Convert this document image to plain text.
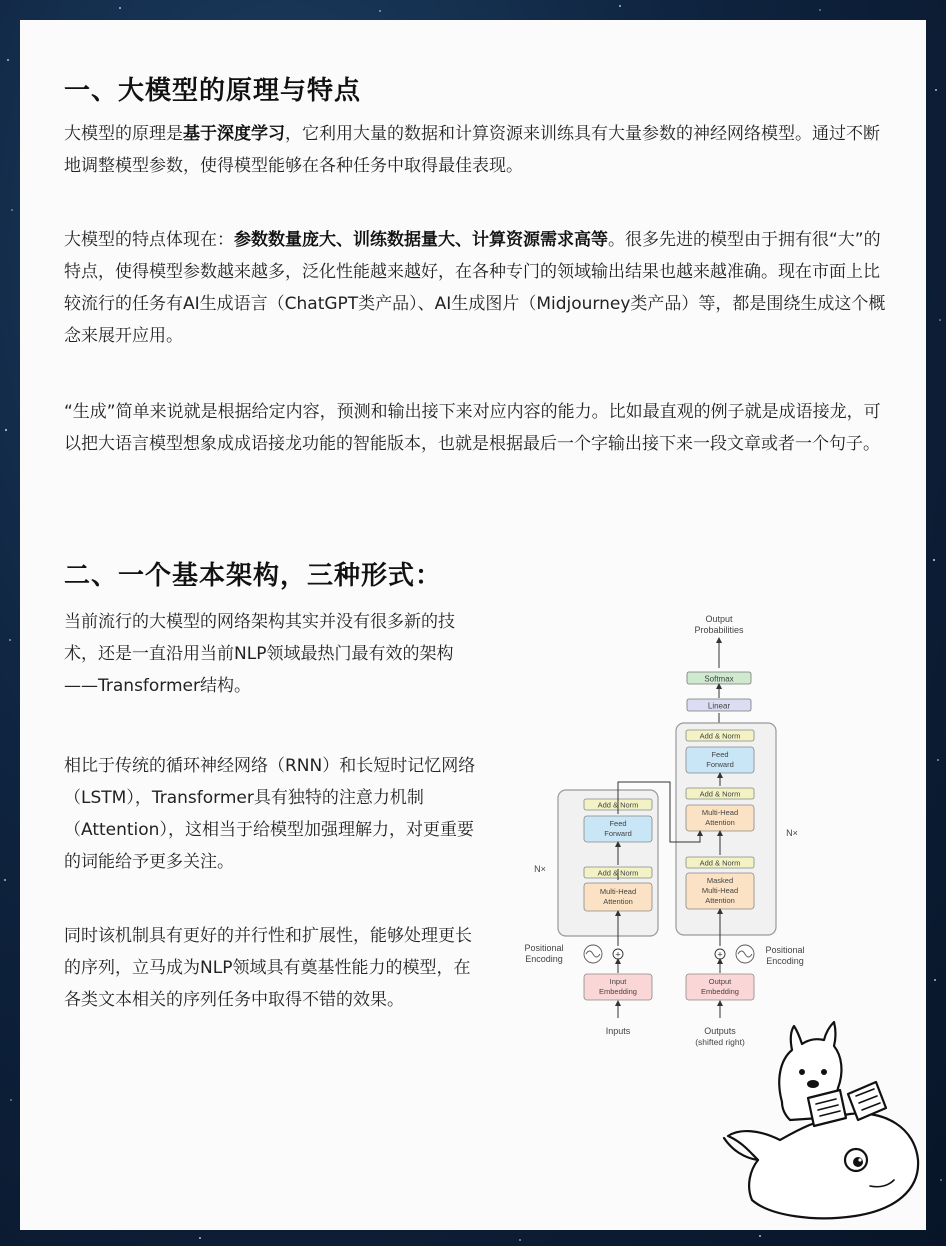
一、大模型的原理与特点
大模型的原理是基于深度学习，它利用大量的数据和计算资源来训练具有大量参数的神经网络模型。通过不断地调整模型参数，使得模型能够在各种任务中取得最佳表现。
大模型的特点体现在：参数数量庞大、训练数据量大、计算资源需求高等。很多先进的模型由于拥有很“大”的特点，使得模型参数越来越多，泛化性能越来越好，在各种专门的领域输出结果也越来越准确。现在市面上比较流行的任务有AI生成语言（ChatGPT类产品）、AI生成图片（Midjourney类产品）等，都是围绕生成这个概念来展开应用。
“生成”简单来说就是根据给定内容，预测和输出接下来对应内容的能力。比如最直观的例子就是成语接龙，可以把大语言模型想象成成语接龙功能的智能版本，也就是根据最后一个字输出接下来一段文章或者一个句子。
二、一个基本架构，三种形式：
当前流行的大模型的网络架构其实并没有很多新的技术，还是一直沿用当前NLP领域最热门最有效的架构——Transformer结构。
相比于传统的循环神经网络（RNN）和长短时记忆网络（LSTM），Transformer具有独特的注意力机制（Attention），这相当于给模型加强理解力，对更重要的词能给予更多关注。
同时该机制具有更好的并行性和扩展性，能够处理更长的序列，立马成为NLP领域具有奠基性能力的模型，在各类文本相关的序列任务中取得不错的效果。
Output
Probabilities
Softmax
Linear
Add & Norm
Feed
Forward
Add & Norm
Multi-Head
Attention
Add & Norm
Masked
Multi-Head
Attention
N×
Add & Norm
Feed
Forward
Add & Norm
Multi-Head
Attention
N×
+	+
Positional
Encoding
Positional
Encoding
Input
Embedding
Output
Embedding
Inputs	Outputs
(shifted right)
